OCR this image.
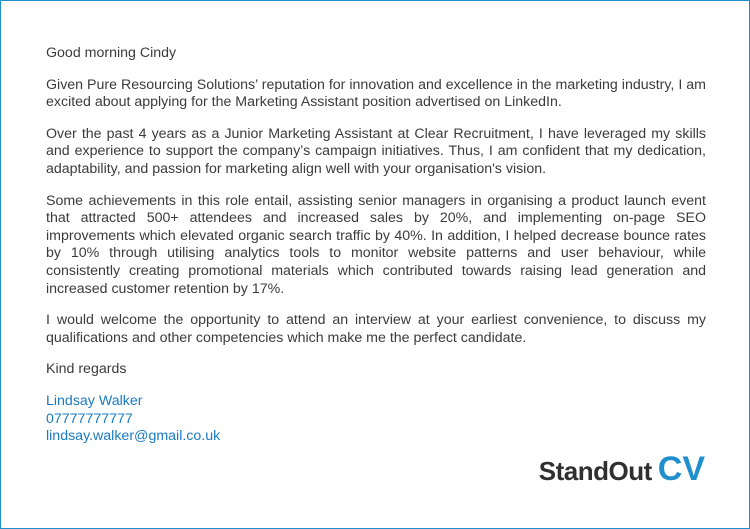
Good morning Cindy

Given Pure Resourcing Solutions’ reputation for innovation and excellence in the marketing industry, I am excited about applying for the Marketing Assistant position advertised on LinkedIn.

Over the past 4 years as a Junior Marketing Assistant at Clear Recruitment, I have leveraged my skills and experience to support the company’s campaign initiatives. Thus, I am confident that my dedication, adaptability, and passion for marketing align well with your organisation's vision.

Some achievements in this role entail, assisting senior managers in organising a product launch event that attracted 500+ attendees and increased sales by 20%, and implementing on-page SEO improvements which elevated organic search traffic by 40%. In addition, I helped decrease bounce rates by 10% through utilising analytics tools to monitor website patterns and user behaviour, while consistently creating promotional materials which contributed towards raising lead generation and increased customer retention by 17%.

I would welcome the opportunity to attend an interview at your earliest convenience, to discuss my qualifications and other competencies which make me the perfect candidate.

Kind regards

Lindsay Walker
07777777777
lindsay.walker@gmail.co.uk
StandOut CV
